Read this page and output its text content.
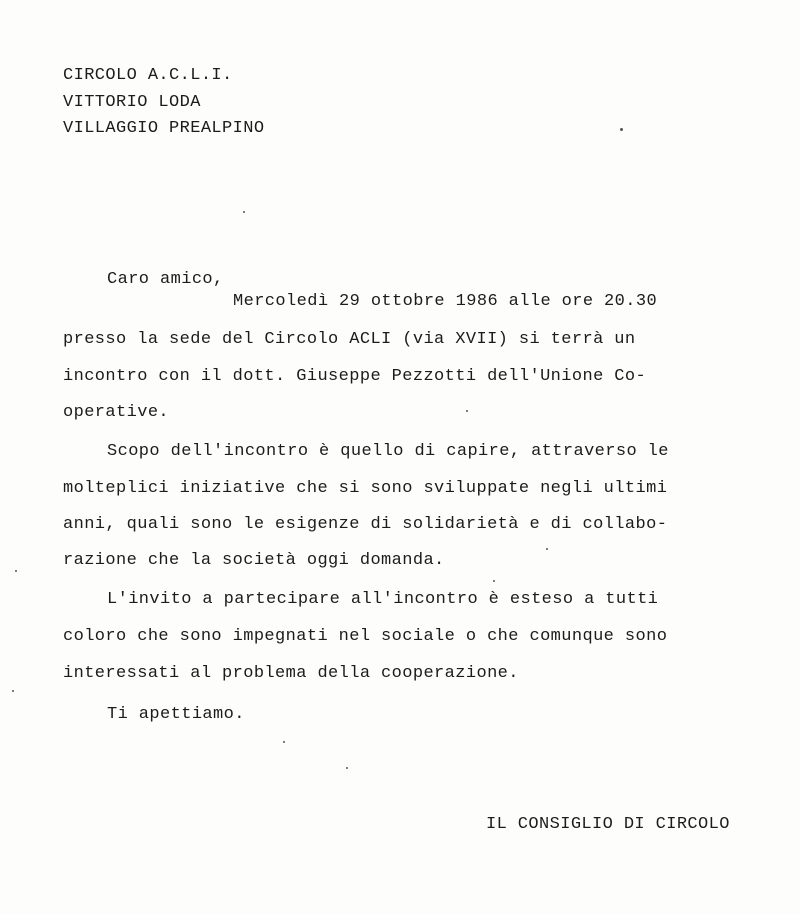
CIRCOLO A.C.L.I.
VITTORIO LODA
VILLAGGIO PREALPINO
Caro amico,
Mercoledì 29 ottobre 1986 alle ore 20.30
presso la sede del Circolo ACLI (via XVII) si terrà un
incontro con il dott. Giuseppe Pezzotti dell'Unione Co-
operative.
Scopo dell'incontro è quello di capire, attraverso le
molteplici iniziative che si sono sviluppate negli ultimi
anni, quali sono le esigenze di solidarietà e di collabo-
razione che la società oggi domanda.
L'invito a partecipare all'incontro è esteso a tutti
coloro che sono impegnati nel sociale o che comunque sono
interessati al problema della cooperazione.
Ti apettiamo.
IL CONSIGLIO DI CIRCOLO
